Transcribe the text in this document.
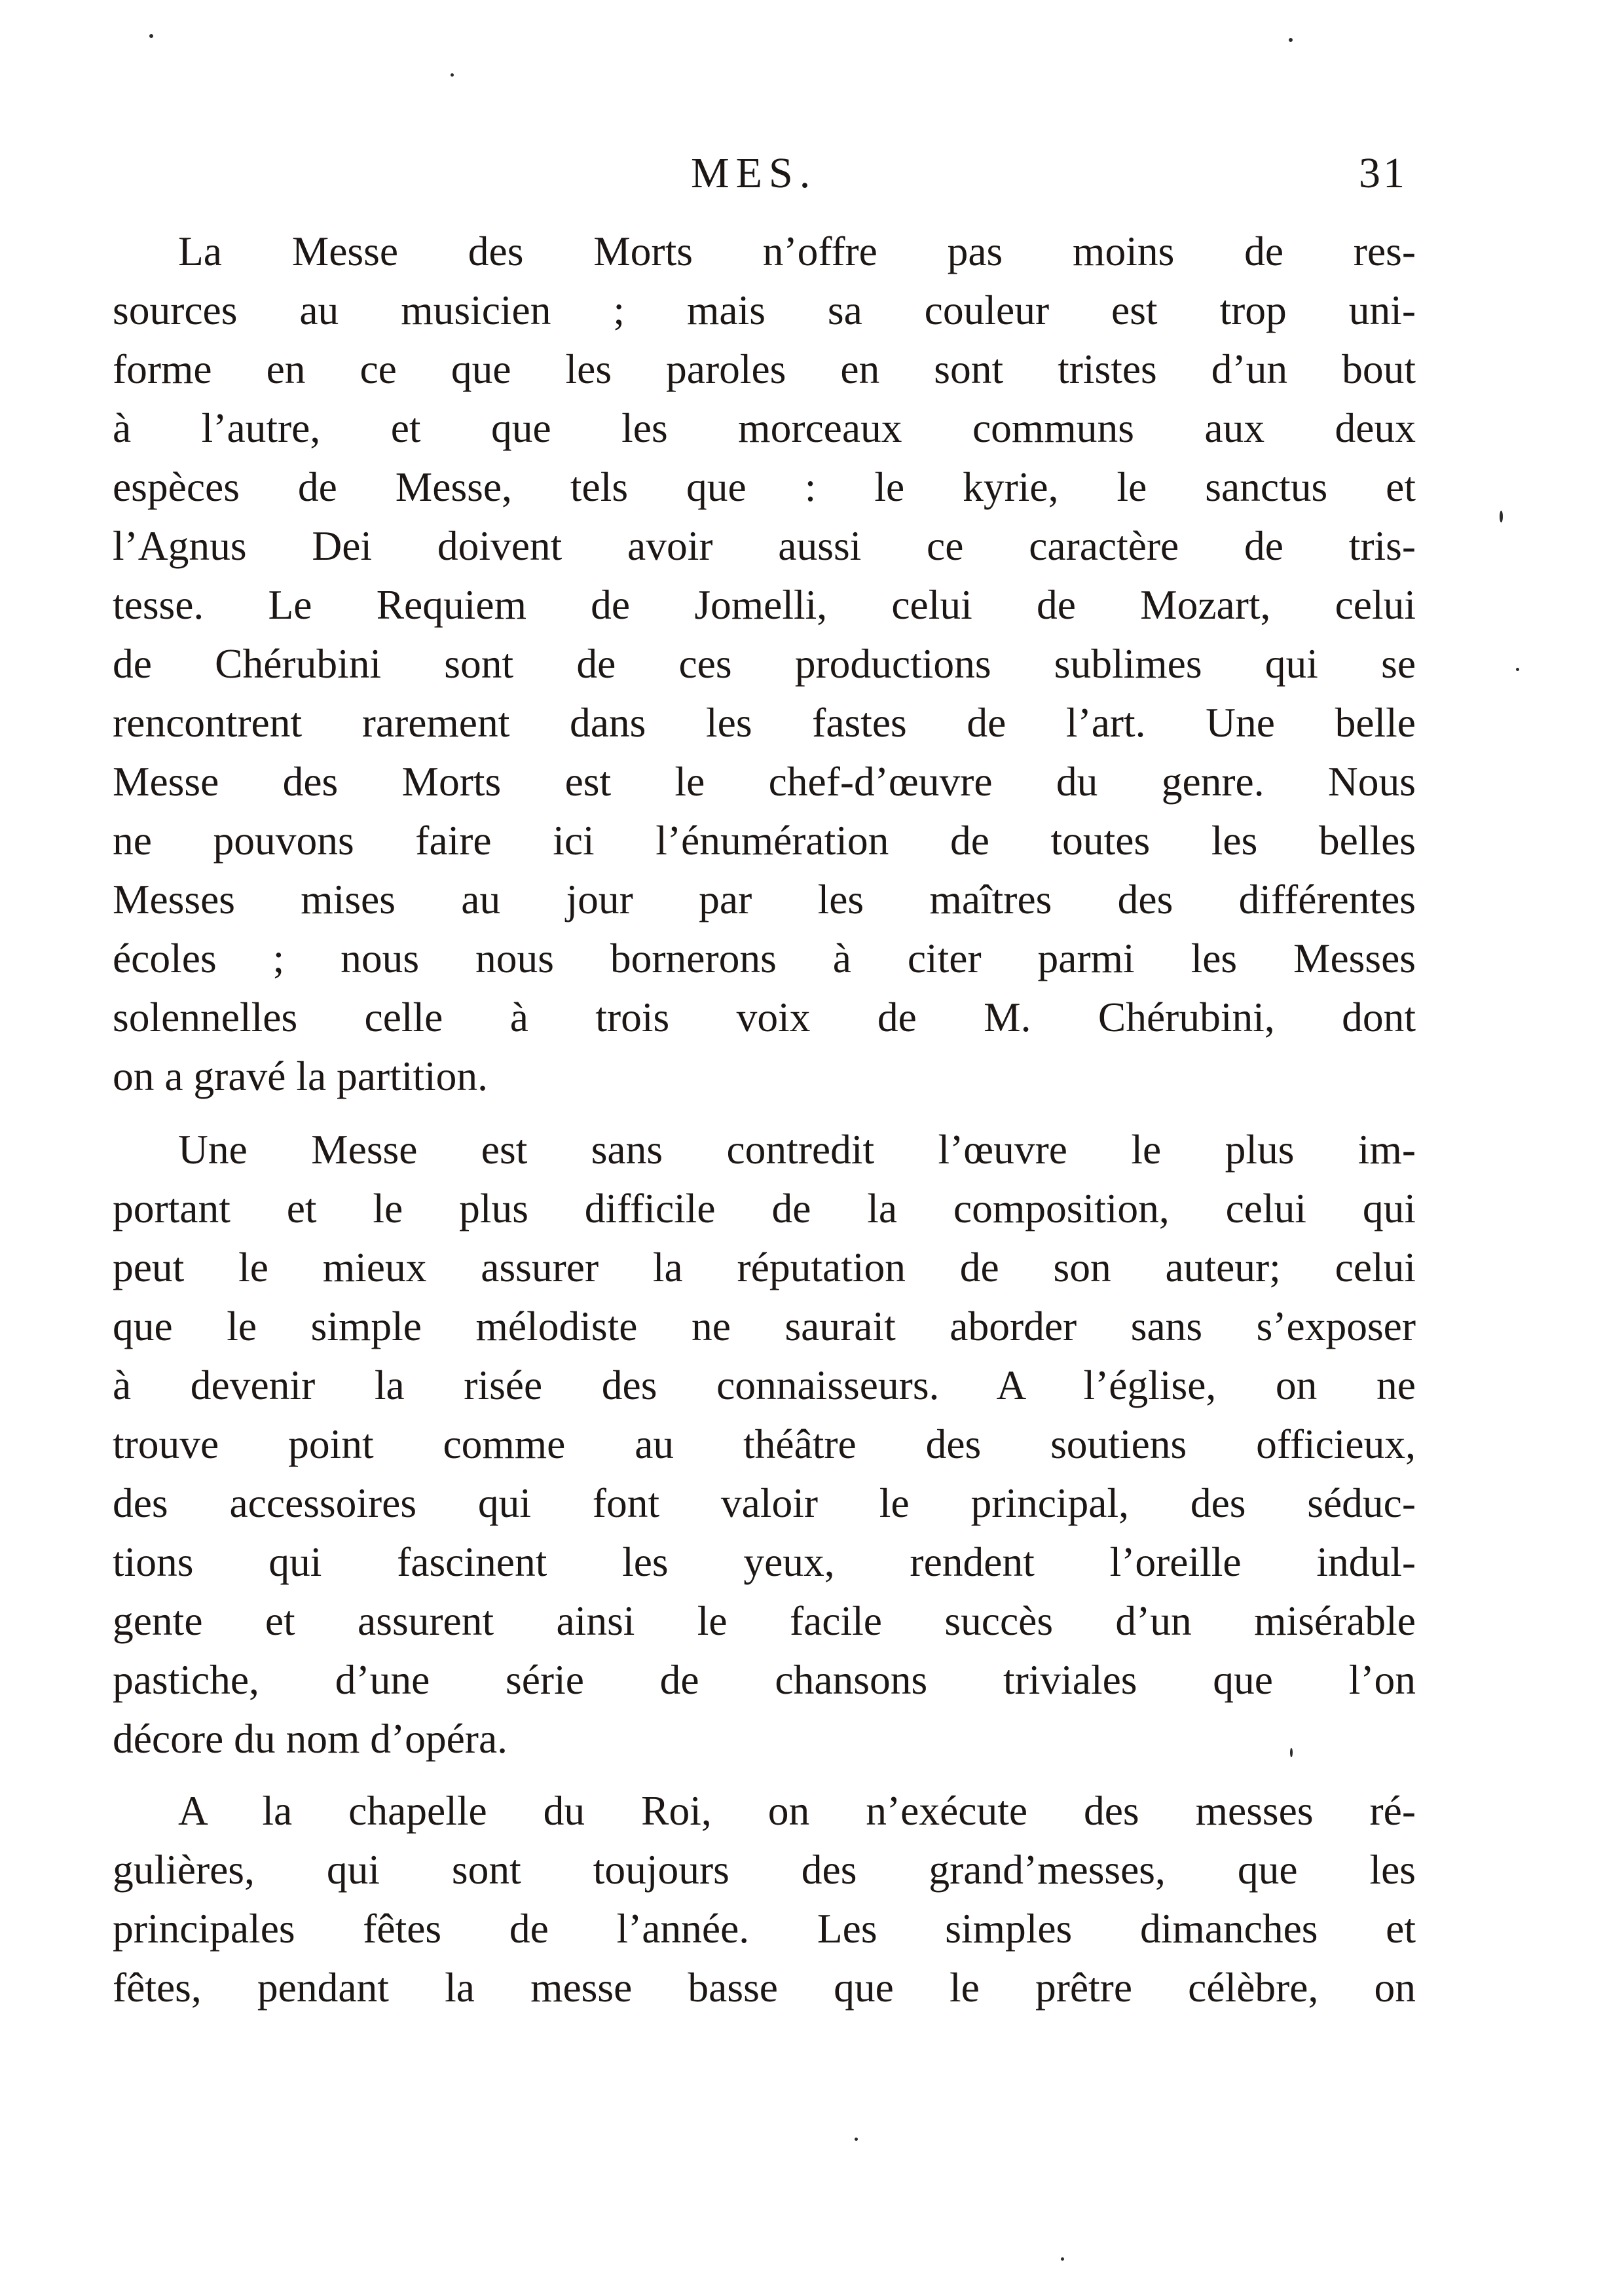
MES.	31
La Messe des Morts n’offre pas moins de res-
sources au musicien ; mais sa couleur est trop uni-
forme en ce que les paroles en sont tristes d’un bout
à l’autre, et que les morceaux communs aux deux
espèces de Messe, tels que : le kyrie, le sanctus et
l’Agnus Dei doivent avoir aussi ce caractère de tris-
tesse. Le Requiem de Jomelli, celui de Mozart, celui
de Chérubini sont de ces productions sublimes qui se
rencontrent rarement dans les fastes de l’art. Une belle
Messe des Morts est le chef-d’œuvre du genre. Nous
ne pouvons faire ici l’énumération de toutes les belles
Messes mises au jour par les maîtres des différentes
écoles ; nous nous bornerons à citer parmi les Messes
solennelles celle à trois voix de M. Chérubini, dont
on a gravé la partition.
Une Messe est sans contredit l’œuvre le plus im-
portant et le plus difficile de la composition, celui qui
peut le mieux assurer la réputation de son auteur; celui
que le simple mélodiste ne saurait aborder sans s’exposer
à devenir la risée des connaisseurs. A l’église, on ne
trouve point comme au théâtre des soutiens officieux,
des accessoires qui font valoir le principal, des séduc-
tions qui fascinent les yeux, rendent l’oreille indul-
gente et assurent ainsi le facile succès d’un misérable
pastiche, d’une série de chansons triviales que l’on
décore du nom d’opéra.
A la chapelle du Roi, on n’exécute des messes ré-
gulières, qui sont toujours des grand’messes, que les
principales fêtes de l’année. Les simples dimanches et
fêtes, pendant la messe basse que le prêtre célèbre, on
